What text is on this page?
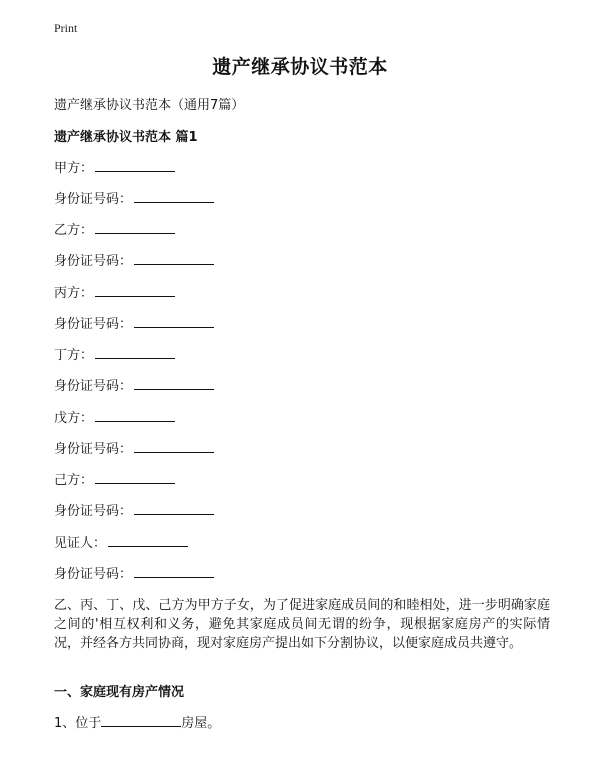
Print
遗产继承协议书范本
遗产继承协议书范本（通用7篇）
遗产继承协议书范本 篇1
甲方：
身份证号码：
乙方：
身份证号码：
丙方：
身份证号码：
丁方：
身份证号码：
戊方：
身份证号码：
己方：
身份证号码：
见证人：
身份证号码：
乙、丙、丁、戊、己方为甲方子女，为了促进家庭成员间的和睦相处，进一步明确家庭之间的'相互权利和义务，避免其家庭成员间无谓的纷争，现根据家庭房产的实际情况，并经各方共同协商，现对家庭房产提出如下分割协议，以便家庭成员共遵守。
一、家庭现有房产情况
1、位于	房屋。
